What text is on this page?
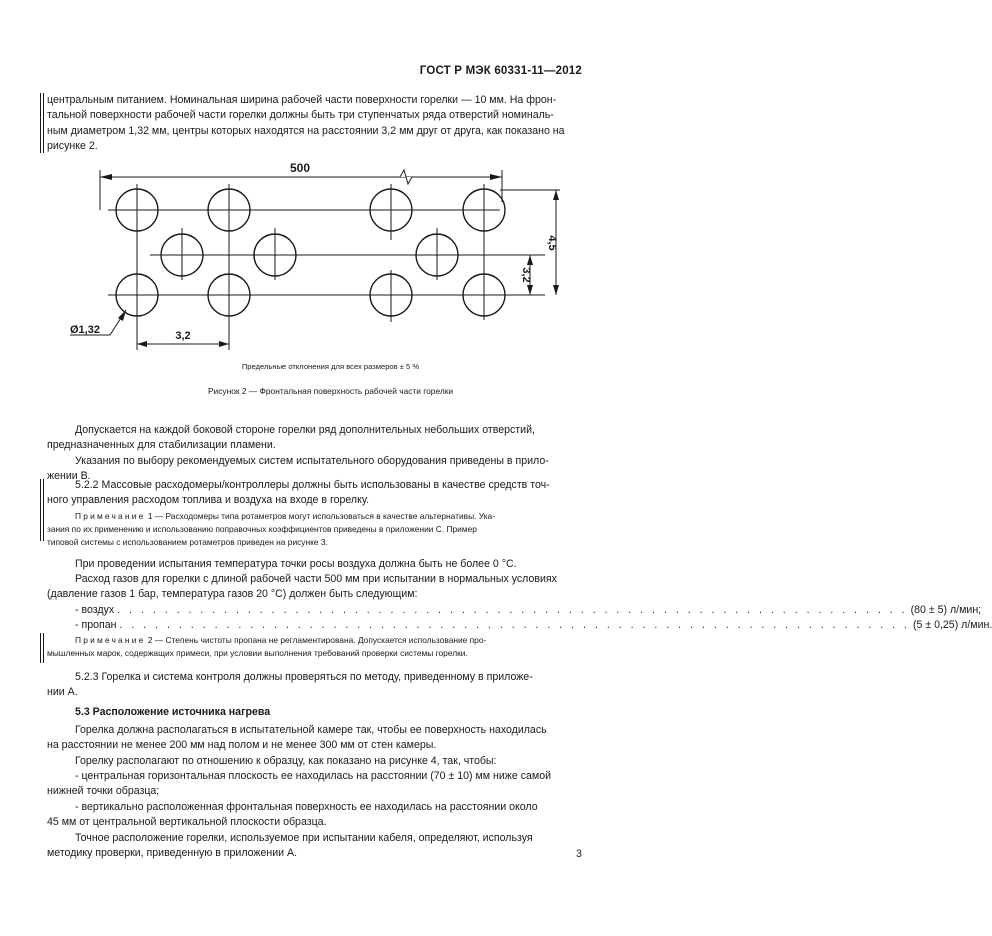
ГОСТ Р МЭК 60331-11—2012
центральным питанием. Номинальная ширина рабочей части поверхности горелки — 10 мм. На фрон-
тальной поверхности рабочей части горелки должны быть три ступенчатых ряда отверстий номиналь-
ным диаметром 1,32 мм, центры которых находятся на расстоянии 3,2 мм друг от друга, как показано на
рисунке 2.
500
3,2
4,5
Ø1,32	3,2
Предельные отклонения для всех размеров ± 5 %
Рисунок 2 — Фронтальная поверхность рабочей части горелки
Допускается на каждой боковой стороне горелки ряд дополнительных небольших отверстий,
предназначенных для стабилизации пламени.
Указания по выбору рекомендуемых систем испытательного оборудования приведены в прило-
жении В.
5.2.2 Массовые расходомеры/контроллеры должны быть использованы в качестве средств точ-
ного управления расходом топлива и воздуха на входе в горелку.
Примечание 1 — Расходомеры типа ротаметров могут использоваться в качестве альтернативы. Ука-
зания по их применению и использованию поправочных коэффициентов приведены в приложении С. Пример
типовой системы с использованием ротаметров приведен на рисунке 3.
При проведении испытания температура точки росы воздуха должна быть не более 0 °С.
Расход газов для горелки с длиной рабочей части 500 мм при испытании в нормальных условиях
(давление газов 1 бар, температура газов 20 °С) должен быть следующим:
- воздух . . . . . . . . . . . . . . . . . . . . . . . . . . . . . . . . . . . . . . . . . . . . . . . . . . . . . . . . . . . . . . . . . . . (80 ± 5) л/мин;
- пропан . . . . . . . . . . . . . . . . . . . . . . . . . . . . . . . . . . . . . . . . . . . . . . . . . . . . . . . . . . . . . . . . . . . (5 ± 0,25) л/мин.
Примечание 2 — Степень чистоты пропана не регламентирована. Допускается использование про-
мышленных марок, содержащих примеси, при условии выполнения требований проверки системы горелки.
5.2.3 Горелка и система контроля должны проверяться по методу, приведенному в приложе-
нии А.
5.3 Расположение источника нагрева
Горелка должна располагаться в испытательной камере так, чтобы ее поверхность находилась
на расстоянии не менее 200 мм над полом и не менее 300 мм от стен камеры.
Горелку располагают по отношению к образцу, как показано на рисунке 4, так, чтобы:
- центральная горизонтальная плоскость ее находилась на расстоянии (70 ± 10) мм ниже самой
нижней точки образца;
- вертикально расположенная фронтальная поверхность ее находилась на расстоянии около
45 мм от центральной вертикальной плоскости образца.
Точное расположение горелки, используемое при испытании кабеля, определяют, используя
методику проверки, приведенную в приложении А.	3
